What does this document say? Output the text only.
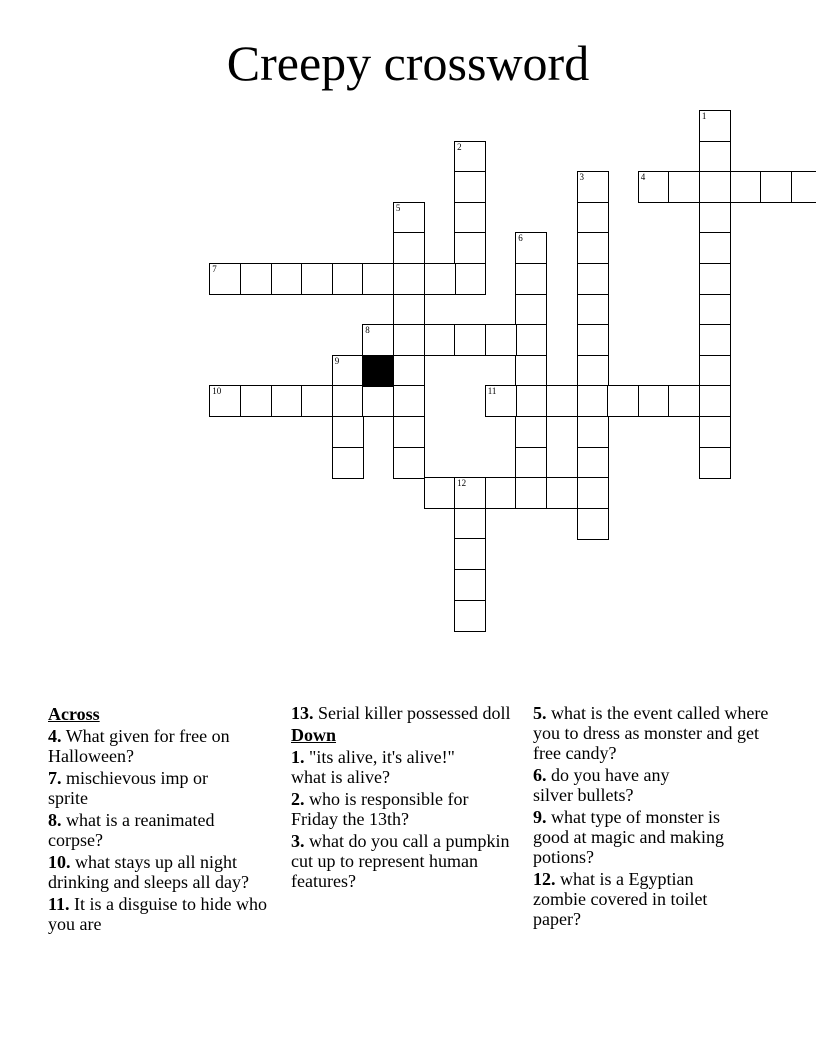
Creepy crossword
1
2
3	4
5
6
7
8
9
10	11
12
Across
4. What given for free on Halloween?
7. mischievous imp or sprite
8. what is a reanimated corpse?
10. what stays up all night drinking and sleeps all day?
11. It is a disguise to hide who you are
13. Serial killer possessed doll
Down
1. "its alive, it's alive!" what is alive?
2. who is responsible for Friday the 13th?
3. what do you call a pumpkin cut up to represent human features?
5. what is the event called where you to dress as monster and get free candy?
6. do you have any silver bullets?
9. what type of monster is good at magic and making potions?
12. what is a Egyptian zombie covered in toilet paper?
